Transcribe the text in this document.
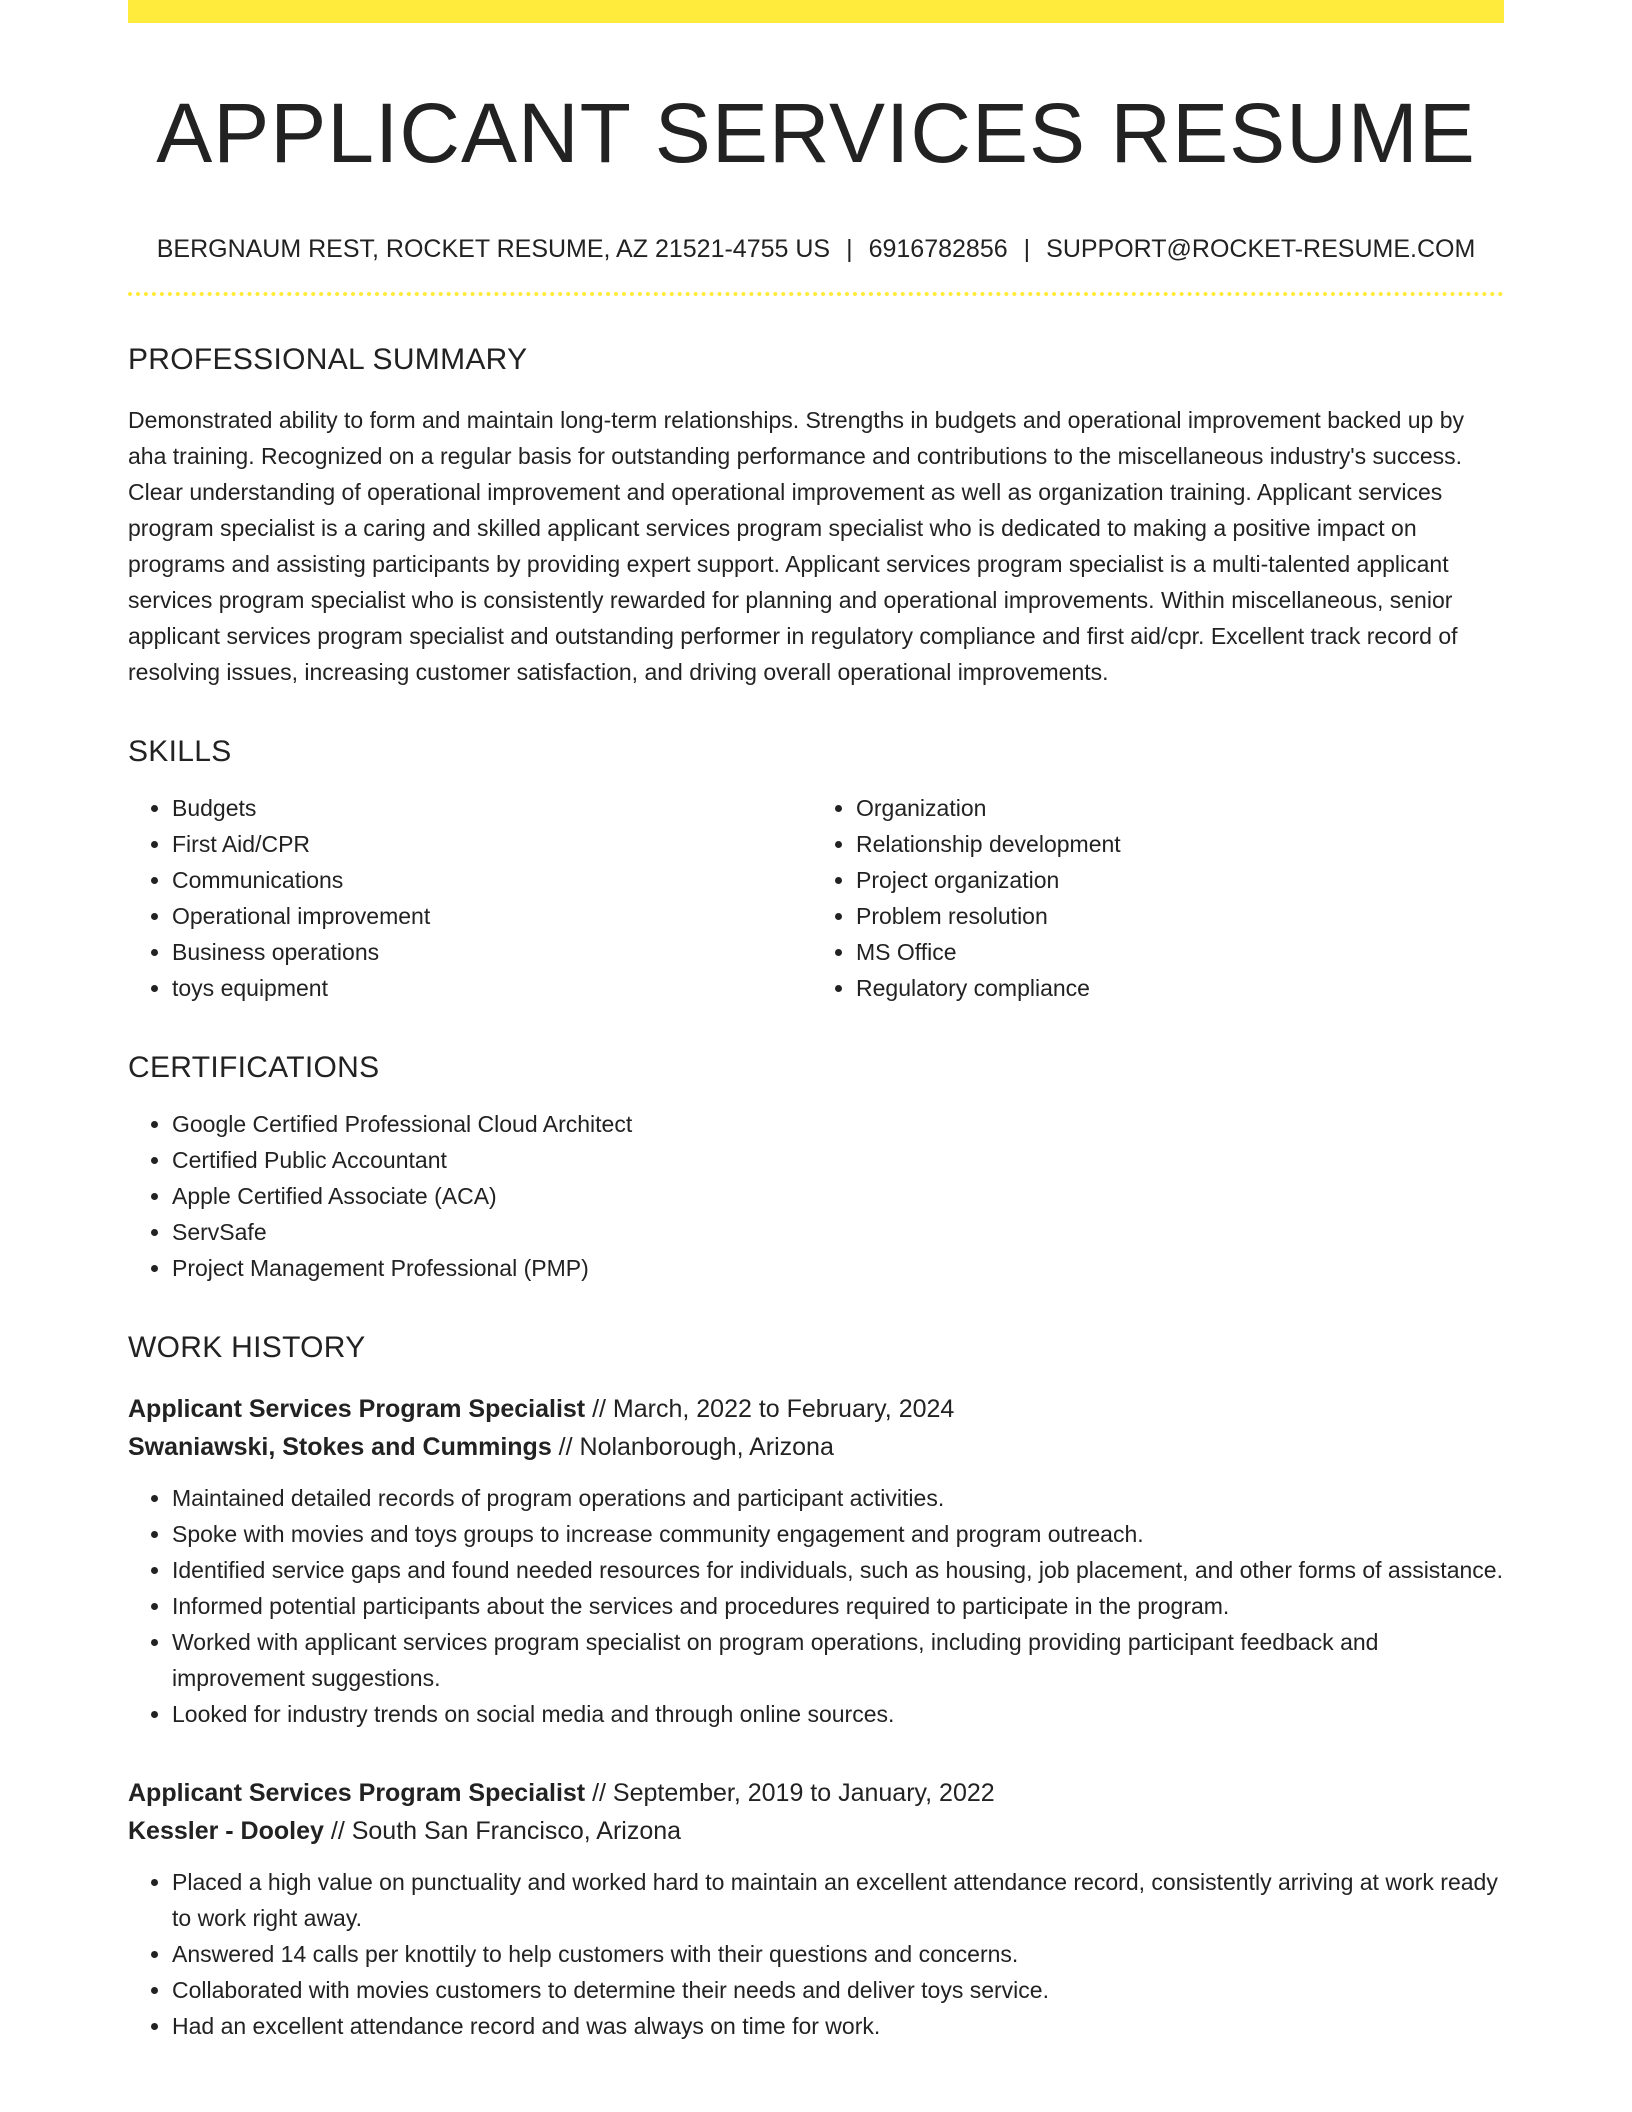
APPLICANT SERVICES RESUME
BERGNAUM REST, ROCKET RESUME, AZ 21521-4755 US | 6916782856 | SUPPORT@ROCKET-RESUME.COM
PROFESSIONAL SUMMARY

Demonstrated ability to form and maintain long-term relationships. Strengths in budgets and operational improvement backed up by aha training. Recognized on a regular basis for outstanding performance and contributions to the miscellaneous industry's success. Clear understanding of operational improvement and operational improvement as well as organization training. Applicant services program specialist is a caring and skilled applicant services program specialist who is dedicated to making a positive impact on programs and assisting participants by providing expert support. Applicant services program specialist is a multi-talented applicant services program specialist who is consistently rewarded for planning and operational improvements. Within miscellaneous, senior applicant services program specialist and outstanding performer in regulatory compliance and first aid/cpr. Excellent track record of resolving issues, increasing customer satisfaction, and driving overall operational improvements.

SKILLS
• Budgets
• First Aid/CPR
• Communications
• Operational improvement
• Business operations
• toys equipment
• Organization
• Relationship development
• Project organization
• Problem resolution
• MS Office
• Regulatory compliance
CERTIFICATIONS
• Google Certified Professional Cloud Architect
• Certified Public Accountant
• Apple Certified Associate (ACA)
• ServSafe
• Project Management Professional (PMP)
WORK HISTORY
Applicant Services Program Specialist // March, 2022 to February, 2024
Swaniawski, Stokes and Cummings // Nolanborough, Arizona
• Maintained detailed records of program operations and participant activities.
• Spoke with movies and toys groups to increase community engagement and program outreach.
• Identified service gaps and found needed resources for individuals, such as housing, job placement, and other forms of assistance.
• Informed potential participants about the services and procedures required to participate in the program.
• Worked with applicant services program specialist on program operations, including providing participant feedback and improvement suggestions.
• Looked for industry trends on social media and through online sources.
Applicant Services Program Specialist // September, 2019 to January, 2022
Kessler - Dooley // South San Francisco, Arizona
• Placed a high value on punctuality and worked hard to maintain an excellent attendance record, consistently arriving at work ready to work right away.
• Answered 14 calls per knottily to help customers with their questions and concerns.
• Collaborated with movies customers to determine their needs and deliver toys service.
• Had an excellent attendance record and was always on time for work.
